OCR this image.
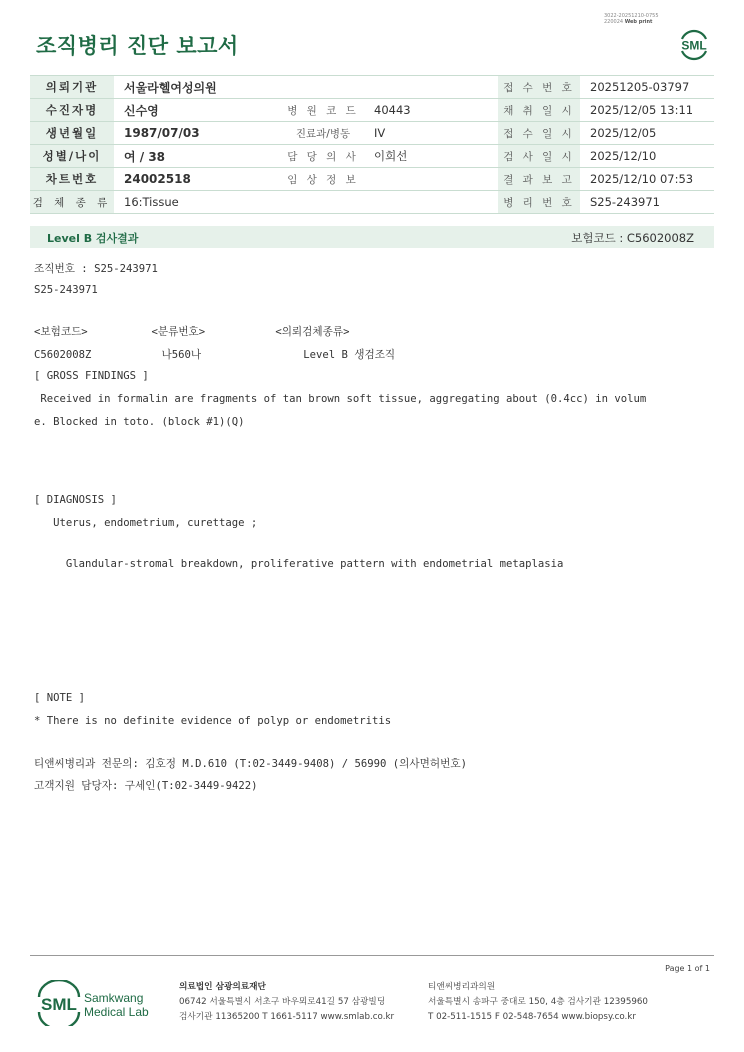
조직병리 진단 보고서
3022-20251210-0755
220024 Web print
SML
의뢰기관	서울라헬여성의원			접 수 번 호	20251205-03797
수진자명	신수영	병 원 코 드	40443	채 취 일 시	2025/12/05 13:11
생년월일	1987/07/03	진료과/병동	IV	접 수 일 시	2025/12/05
성별/나이	여 / 38	담 당 의 사	이희선	검 사 일 시	2025/12/10
차트번호	24002518	임 상 정 보		결 과 보 고	2025/12/10 07:53
검 체 종 류	16:Tissue			병 리 번 호	S25-243971
Level B 검사결과	보험코드 : C5602008Z
조직번호 : S25-243971
S25-243971
<보험코드>          <분류번호>           <의뢰검체종류>
C5602008Z           나560나                Level B 생검조직
[ GROSS FINDINGS ]
Received in formalin are fragments of tan brown soft tissue, aggregating about (0.4cc) in volum
e. Blocked in toto. (block #1)(Q)
[ DIAGNOSIS ]
Uterus, endometrium, curettage ;
Glandular-stromal breakdown, proliferative pattern with endometrial metaplasia
[ NOTE ]
* There is no definite evidence of polyp or endometritis
티앤씨병리과 전문의: 김호정 M.D.610 (T:02-3449-9408) / 56990 (의사면허번호)
고객지원 담당자: 구세인(T:02-3449-9422)
Page 1 of 1
SML Samkwang
Medical Lab
의료법인 삼광의료재단
06742 서울특별시 서초구 바우뫼로41길 57 삼광빌딩
검사기관 11365200 T 1661-5117 www.smlab.co.kr
티앤씨병리과의원
서울특별시 송파구 중대로 150, 4층 검사기관 12395960
T 02-511-1515 F 02-548-7654 www.biopsy.co.kr
